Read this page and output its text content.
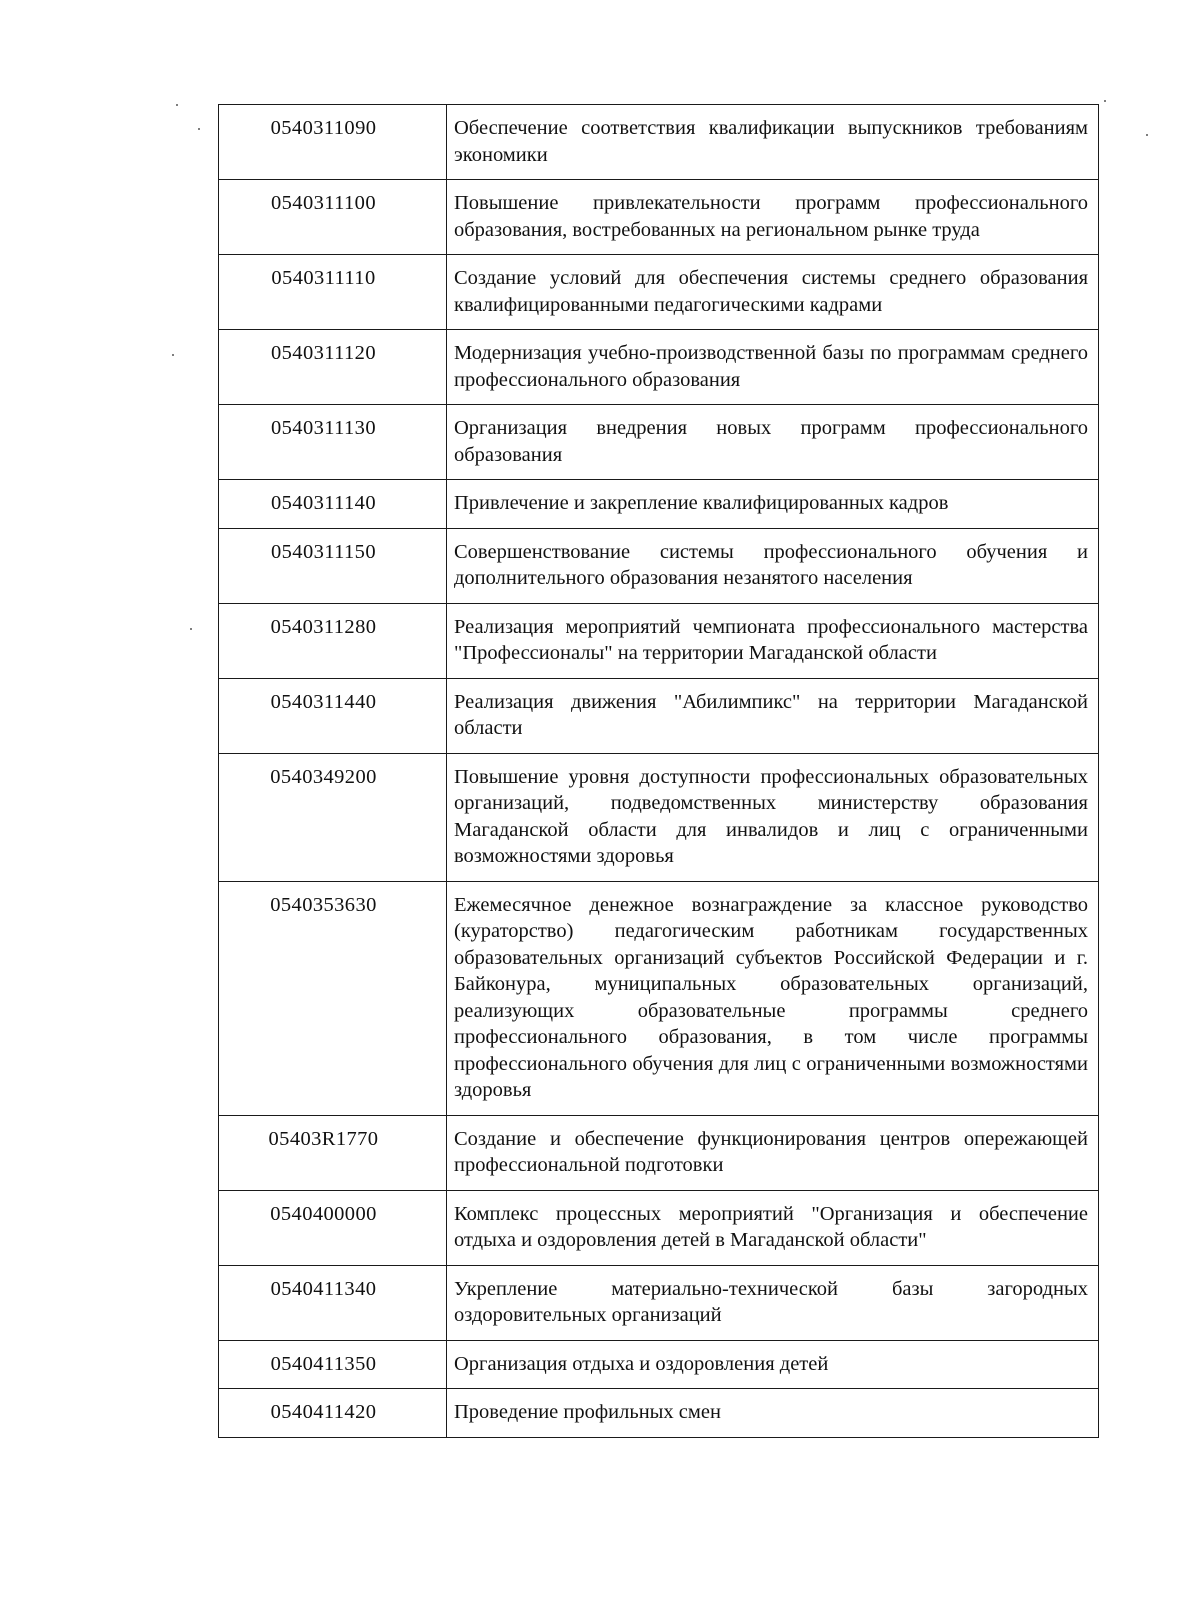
0540311090	Обеспечение соответствия квалификации выпускников требованиям экономики
0540311100	Повышение привлекательности программ профессионального образования, востребованных на региональном рынке труда
0540311110	Создание условий для обеспечения системы среднего образования квалифицированными педагогическими кадрами
0540311120	Модернизация учебно-производственной базы по программам среднего профессионального образования
0540311130	Организация внедрения новых программ профессионального образования
0540311140	Привлечение и закрепление квалифицированных кадров
0540311150	Совершенствование системы профессионального обучения и дополнительного образования незанятого населения
0540311280	Реализация мероприятий чемпионата профессионального мастерства "Профессионалы" на территории Магаданской области
0540311440	Реализация движения "Абилимпикс" на территории Магаданской области
0540349200	Повышение уровня доступности профессиональных образовательных организаций, подведомственных министерству образования Магаданской области для инвалидов и лиц с ограниченными возможностями здоровья
0540353630	Ежемесячное денежное вознаграждение за классное руководство (кураторство) педагогическим работникам государственных образовательных организаций субъектов Российской Федерации и г. Байконура, муниципальных образовательных организаций, реализующих образовательные программы среднего профессионального образования, в том числе программы профессионального обучения для лиц с ограниченными возможностями здоровья
05403R1770	Создание и обеспечение функционирования центров опережающей профессиональной подготовки
0540400000	Комплекс процессных мероприятий "Организация и обеспечение отдыха и оздоровления детей в Магаданской области"
0540411340	Укрепление материально-технической базы загородных оздоровительных организаций
0540411350	Организация отдыха и оздоровления детей
0540411420	Проведение профильных смен
